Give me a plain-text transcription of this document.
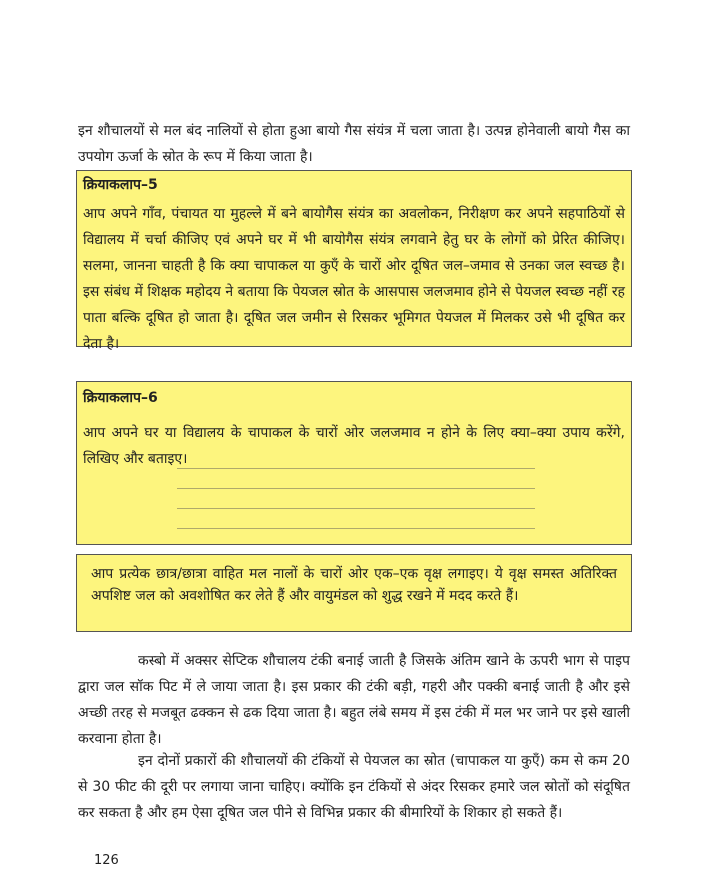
इन शौचालयों से मल बंद नालियों से होता हुआ बायो गैस संयंत्र में चला जाता है। उत्पन्न होनेवाली बायो गैस का उपयोग ऊर्जा के स्रोत के रूप में किया जाता है।

क्रियाकलाप–5

आप अपने गाँव, पंचायत या मुहल्ले में बने बायोगैस संयंत्र का अवलोकन, निरीक्षण कर अपने सहपाठियों से विद्यालय में चर्चा कीजिए एवं अपने घर में भी बायोगैस संयंत्र लगवाने हेतु घर के लोगों को प्रेरित कीजिए। सलमा, जानना चाहती है कि क्या चापाकल या कुएँ के चारों ओर दूषित जल–जमाव से उनका जल स्वच्छ है। इस संबंध में शिक्षक महोदय ने बताया कि पेयजल स्रोत के आसपास जलजमाव होने से पेयजल स्वच्छ नहीं रह पाता बल्कि दूषित हो जाता है। दूषित जल जमीन से रिसकर भूमिगत पेयजल में मिलकर उसे भी दूषित कर देता है।

क्रियाकलाप–6

आप अपने घर या विद्यालय के चापाकल के चारों ओर जलजमाव न होने के लिए क्या–क्या उपाय करेंगे, लिखिए और बताइए।

आप प्रत्येक छात्र/छात्रा वाहित मल नालों के चारों ओर एक–एक वृक्ष लगाइए। ये वृक्ष समस्त अतिरिक्त अपशिष्ट जल को अवशोषित कर लेते हैं और वायुमंडल को शुद्ध रखने में मदद करते हैं।

कस्बो में अक्सर सेप्टिक शौचालय टंकी बनाई जाती है जिसके अंतिम खाने के ऊपरी भाग से पाइप द्वारा जल सॉक पिट में ले जाया जाता है। इस प्रकार की टंकी बड़ी, गहरी और पक्की बनाई जाती है और इसे अच्छी तरह से मजबूत ढक्कन से ढक दिया जाता है। बहुत लंबे समय में इस टंकी में मल भर जाने पर इसे खाली करवाना होता है।

इन दोनों प्रकारों की शौचालयों की टंकियों से पेयजल का स्रोत (चापाकल या कुएँ) कम से कम 20 से 30 फीट की दूरी पर लगाया जाना चाहिए। क्योंकि इन टंकियों से अंदर रिसकर हमारे जल स्रोतों को संदूषित कर सकता है और हम ऐसा दूषित जल पीने से विभिन्न प्रकार की बीमारियों के शिकार हो सकते हैं।

126
